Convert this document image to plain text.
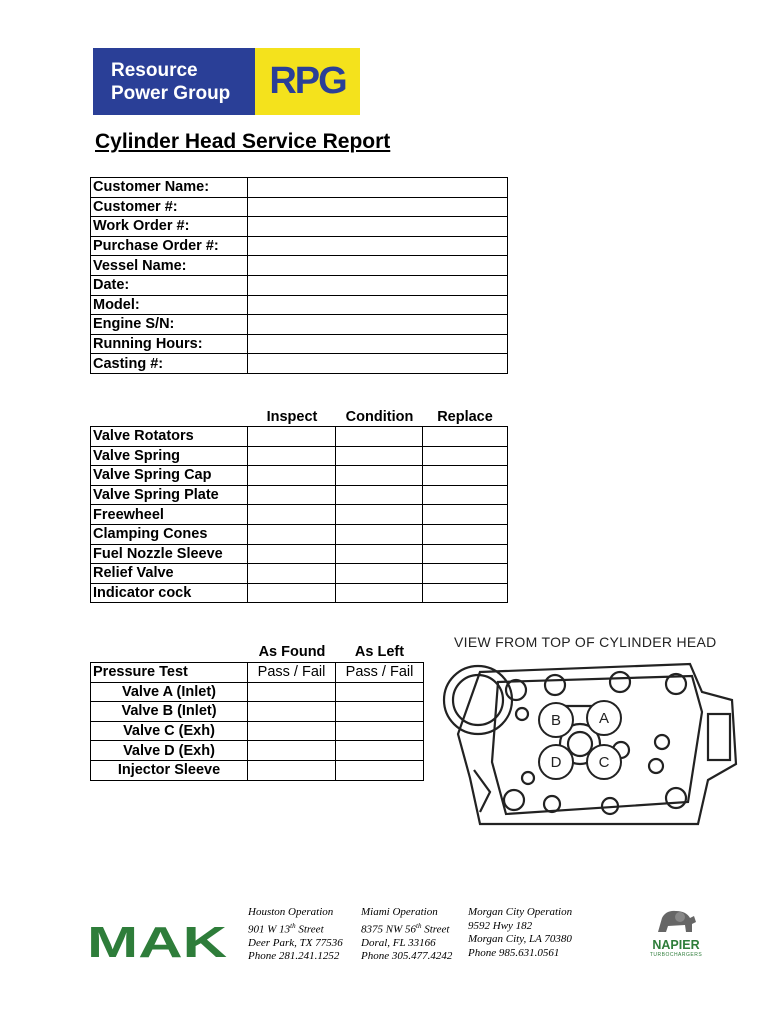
Resource
Power Group	RPG
Cylinder Head Service Report
Customer Name:	
Customer #:	
Work Order #:	
Purchase Order #:	
Vessel Name:	
Date:	
Model:	
Engine S/N:	
Running Hours:	
Casting #:	
Inspect	Condition	Replace
Valve Rotators			
Valve Spring			
Valve Spring Cap			
Valve Spring Plate			
Freewheel			
Clamping Cones			
Fuel Nozzle Sleeve			
Relief Valve			
Indicator cock			
As Found	As Left
Pressure Test	Pass / Fail	Pass / Fail
Valve A (Inlet)		
Valve B (Inlet)		
Valve C (Exh)		
Valve D (Exh)		
Injector Sleeve		
VIEW FROM TOP OF CYLINDER HEAD
A
B
C
D
MAK	NAPIER
TURBOCHARGERS
Houston Operation
901 W 13th Street
Deer Park, TX 77536
Phone 281.241.1252
Miami Operation
8375 NW 56th Street
Doral, FL 33166
Phone 305.477.4242
Morgan City Operation
9592 Hwy 182
Morgan City, LA 70380
Phone 985.631.0561
